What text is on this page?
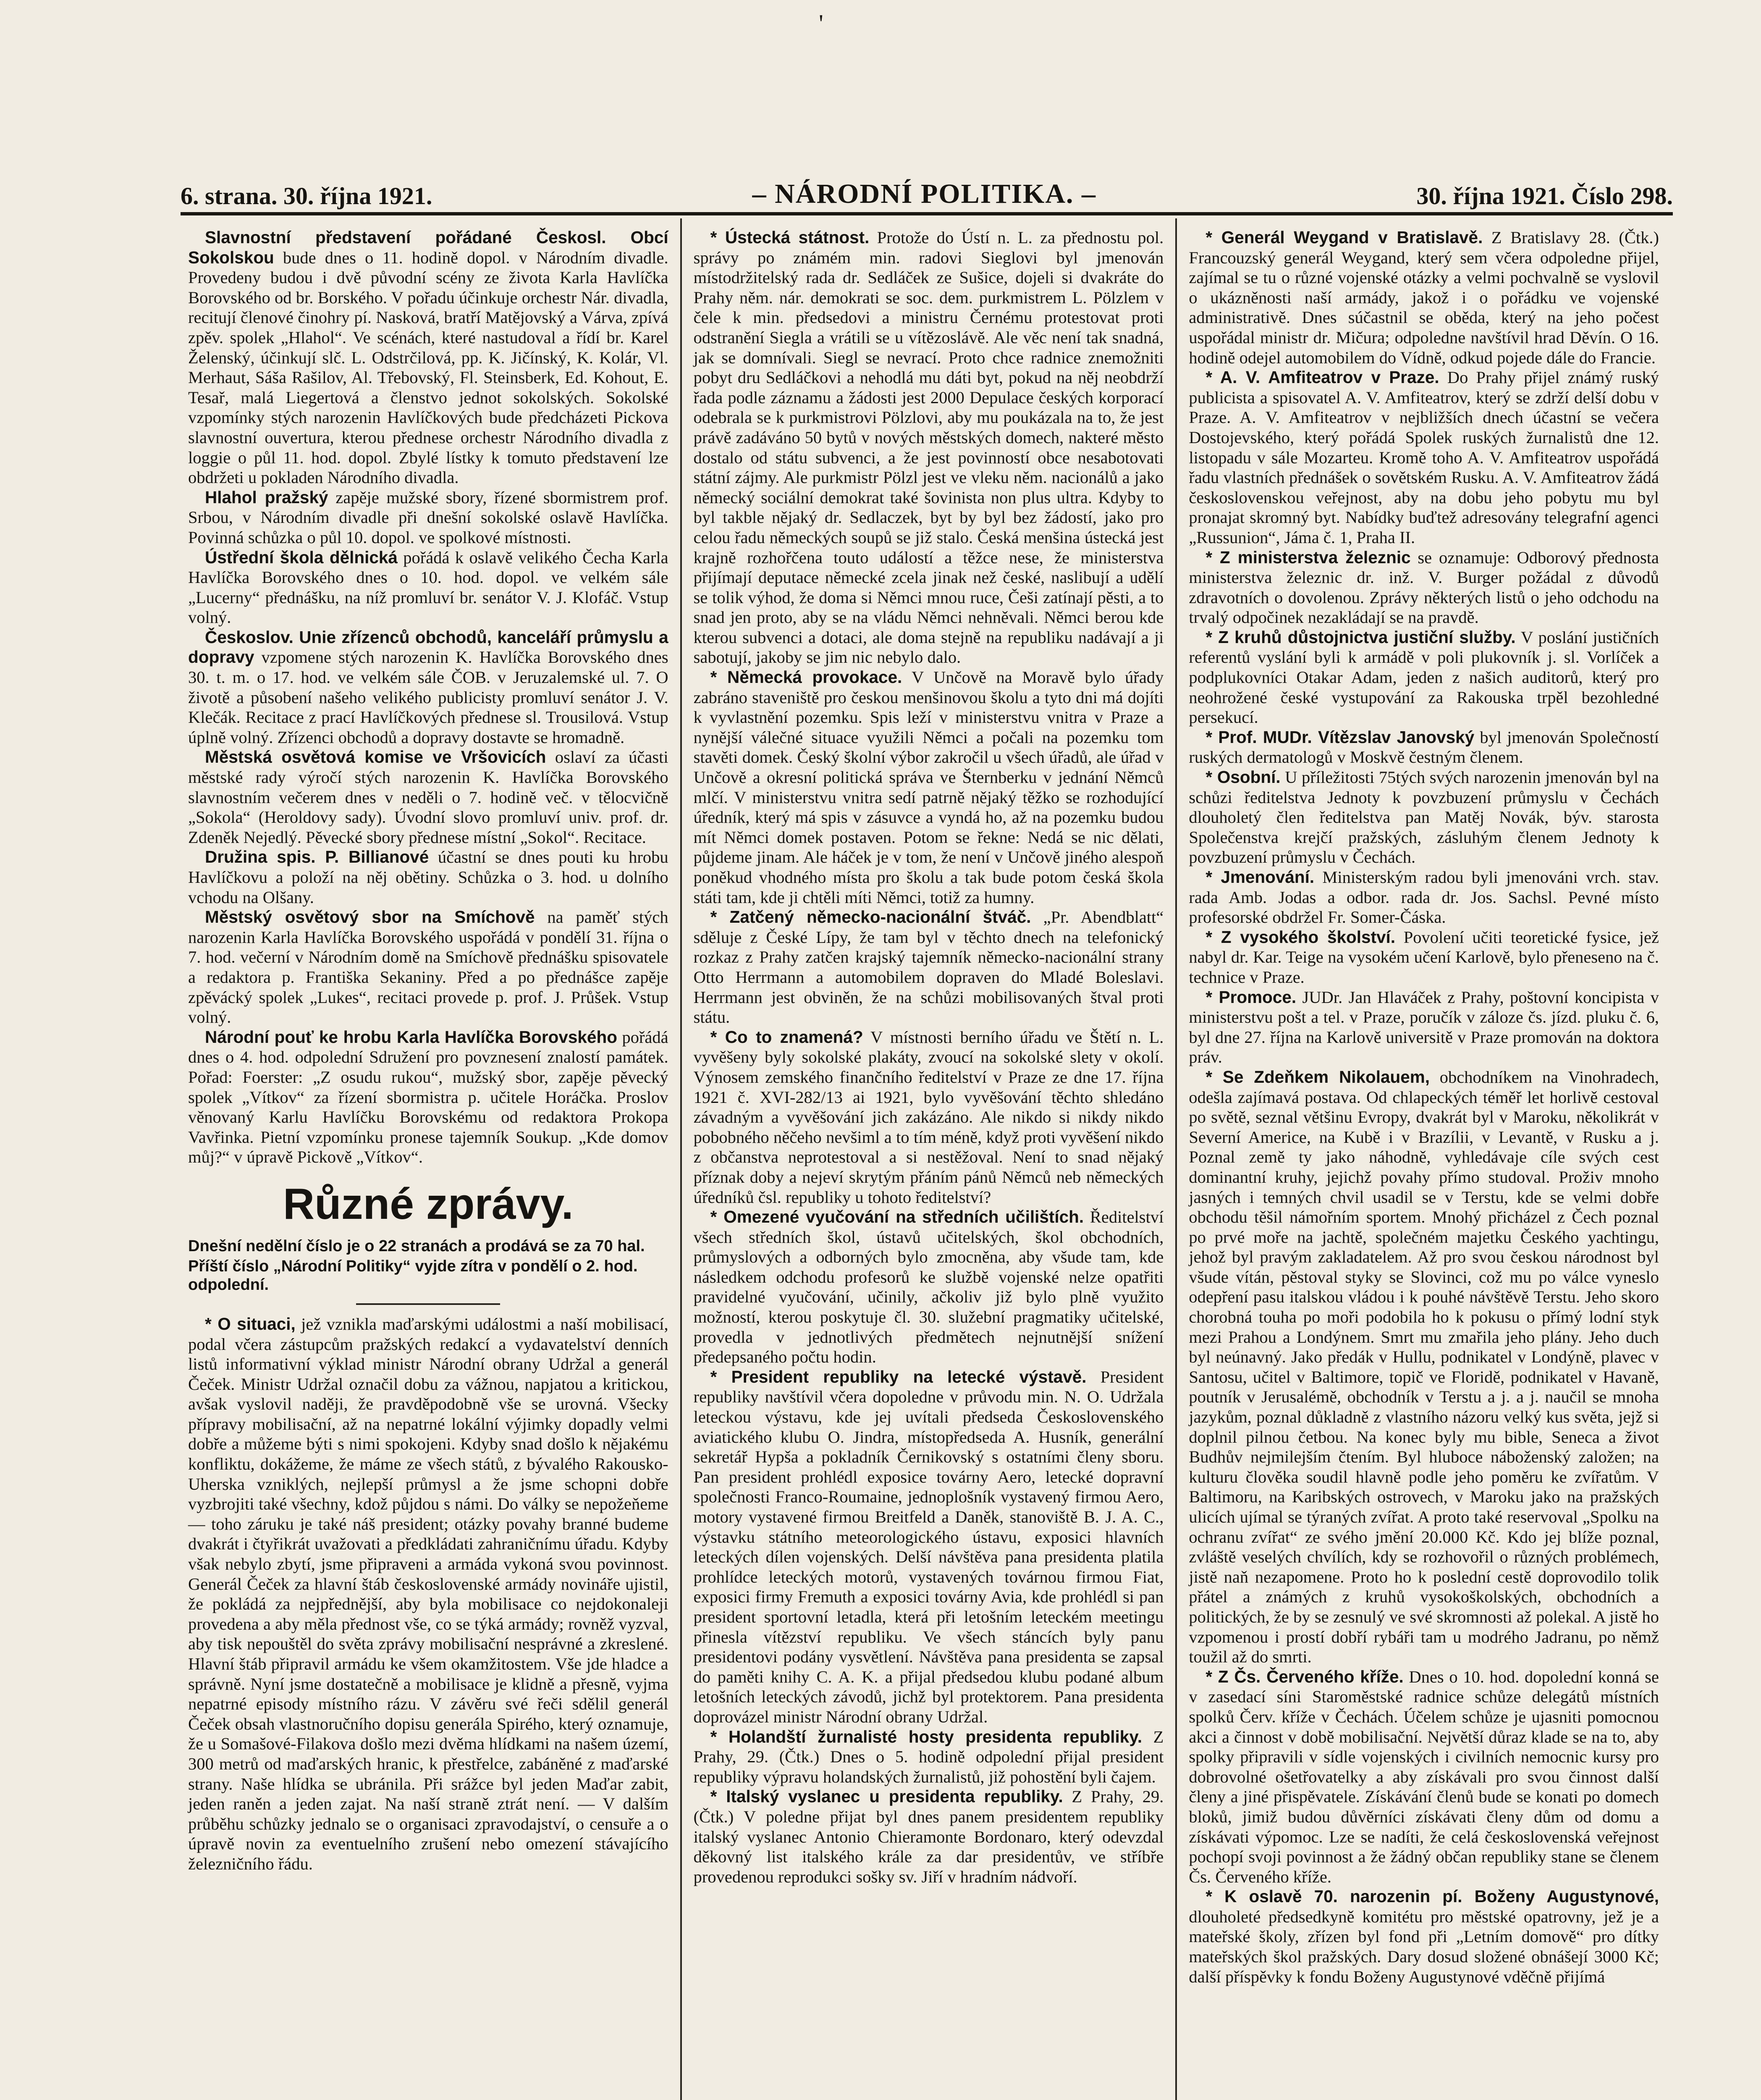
'
6. strana. 30. října 1921.	– NÁRODNÍ POLITIKA. –	30. října 1921. Číslo 298.

Slavnostní představení pořádané Českosl. Obcí Sokolskou bude dnes o 11. hodině dopol. v Národním divadle. Provedeny budou i dvě původní scény ze života Karla Havlíčka Borovského od br. Borského. V pořadu účinkuje orchestr Nár. divadla, recitují členové činohry pí. Nasková, bratří Matějovský a Várva, zpívá zpěv. spolek „Hlahol“. Ve scénách, které nastudoval a řídí br. Karel Želenský, účinkují slč. L. Odstrčilová, pp. K. Jičínský, K. Kolár, Vl. Merhaut, Sáša Rašilov, Al. Třebovský, Fl. Steinsberk, Ed. Kohout, E. Tesař, malá Liegertová a členstvo jednot sokolských. Sokolské vzpomínky stých narozenin Havlíčkových bude předcházeti Pickova slavnostní ouvertura, kterou přednese orchestr Národního divadla z loggie o půl 11. hod. dopol. Zbylé lístky k tomuto představení lze obdržeti u pokladen Národního divadla.

Hlahol pražský zapěje mužské sbory, řízené sbormistrem prof. Srbou, v Národním divadle při dnešní sokolské oslavě Havlíčka. Povinná schůzka o půl 10. dopol. ve spolkové místnosti.

Ústřední škola dělnická pořádá k oslavě velikého Čecha Karla Havlíčka Borovského dnes o 10. hod. dopol. ve velkém sále „Lucerny“ přednášku, na níž promluví br. senátor V. J. Klofáč. Vstup volný.

Českoslov. Unie zřízenců obchodů, kanceláří průmyslu a dopravy vzpomene stých narozenin K. Havlíčka Borovského dnes 30. t. m. o 17. hod. ve velkém sále ČOB. v Jeruzalemské ul. 7. O životě a působení našeho velikého publicisty promluví senátor J. V. Klečák. Recitace z prací Havlíčkových přednese sl. Trousilová. Vstup úplně volný. Zřízenci obchodů a dopravy dostavte se hromadně.

Městská osvětová komise ve Vršovicích oslaví za účasti městské rady výročí stých narozenin K. Havlíčka Borovského slavnostním večerem dnes v neděli o 7. hodině več. v tělocvičně „Sokola“ (Heroldovy sady). Úvodní slovo promluví univ. prof. dr. Zdeněk Nejedlý. Pěvecké sbory přednese místní „Sokol“. Recitace.

Družina spis. P. Billianové účastní se dnes pouti ku hrobu Havlíčkovu a položí na něj obětiny. Schůzka o 3. hod. u dolního vchodu na Olšany.

Městský osvětový sbor na Smíchově na paměť stých narozenin Karla Havlíčka Borovského uspořádá v pondělí 31. října o 7. hod. večerní v Národním domě na Smíchově přednášku spisovatele a redaktora p. Františka Sekaniny. Před a po přednášce zapěje zpěvácký spolek „Lukes“, recitaci provede p. prof. J. Průšek. Vstup volný.

Národní pouť ke hrobu Karla Havlíčka Borovského pořádá dnes o 4. hod. odpolední Sdružení pro povznesení znalostí památek. Pořad: Foerster: „Z osudu rukou“, mužský sbor, zapěje pěvecký spolek „Vítkov“ za řízení sbormistra p. učitele Horáčka. Proslov věnovaný Karlu Havlíčku Borovskému od redaktora Prokopa Vavřinka. Pietní vzpomínku pronese tajemník Soukup. „Kde domov můj?“ v úpravě Pickově „Vítkov“.

Různé zprávy.
Dnešní nedělní číslo je o 22 stranách a prodává se za 70 hal.
Příští číslo „Národní Politiky“ vyjde zítra v pondělí o 2. hod. odpolední.

* O situaci, jež vznikla maďarskými událostmi a naší mobilisací, podal včera zástupcům pražských redakcí a vydavatelství denních listů informativní výklad ministr Národní obrany Udržal a generál Čeček. Ministr Udržal označil dobu za vážnou, napjatou a kritickou, avšak vyslovil naději, že pravděpodobně vše se urovná. Všecky přípravy mobilisační, až na nepatrné lokální výjimky dopadly velmi dobře a můžeme býti s nimi spokojeni. Kdyby snad došlo k nějakému konfliktu, dokážeme, že máme ze všech států, z bývalého Rakousko-Uherska vzniklých, nejlepší průmysl a že jsme schopni dobře vyzbrojiti také všechny, kdož půjdou s námi. Do války se nepožeňeme — toho záruku je také náš president; otázky povahy branné budeme dvakrát i čtyřikrát uvažovati a předkládati zahraničnímu úřadu. Kdyby však nebylo zbytí, jsme připraveni a armáda vykoná svou povinnost. Generál Čeček za hlavní štáb československé armády novináře ujistil, že pokládá za nejpřednější, aby byla mobilisace co nejdokonaleji provedena a aby měla přednost vše, co se týká armády; rovněž vyzval, aby tisk nepouštěl do světa zprávy mobilisační nesprávné a zkreslené. Hlavní štáb připravil armádu ke všem okamžitostem. Vše jde hladce a správně. Nyní jsme dostatečně a mobilisace je klidně a přesně, vyjma nepatrné episody místního rázu. V závěru své řeči sdělil generál Čeček obsah vlastnoručního dopisu generála Spirého, který oznamuje, že u Somašové-Filakova došlo mezi dvěma hlídkami na našem území, 300 metrů od maďarských hranic, k přestřelce, zabáněné z maďarské strany. Naše hlídka se ubránila. Při srážce byl jeden Maďar zabit, jeden raněn a jeden zajat. Na naší straně ztrát není. — V dalším průběhu schůzky jednalo se o organisaci zpravodajství, o censuře a o úpravě novin za eventuelního zrušení nebo omezení stávajícího železničního řádu.

* Ústecká státnost. Protože do Ústí n. L. za přednostu pol. správy po známém min. radovi Sieglovi byl jmenován místodržitelský rada dr. Sedláček ze Sušice, dojeli si dvakráte do Prahy něm. nár. demokrati se soc. dem. purkmistrem L. Pölzlem v čele k min. předsedovi a ministru Černému protestovat proti odstranění Siegla a vrátili se u vítězoslávě. Ale věc není tak snadná, jak se domnívali. Siegl se nevrací. Proto chce radnice znemožniti pobyt dru Sedláčkovi a nehodlá mu dáti byt, pokud na něj neobdrží řada podle záznamu a žádosti jest 2000 Depulace českých korporací odebrala se k purkmistrovi Pölzlovi, aby mu poukázala na to, že jest právě zadáváno 50 bytů v nových městských domech, nakteré město dostalo od státu subvenci, a že jest povinností obce nesabotovati státní zájmy. Ale purkmistr Pölzl jest ve vleku něm. nacionálů a jako německý sociální demokrat také šovinista non plus ultra. Kdyby to byl takble nějaký dr. Sedlaczek, byt by byl bez žádostí, jako pro celou řadu německých soupů se již stalo. Česká menšina ústecká jest krajně rozhořčena touto událostí a těžce nese, že ministerstva přijímají deputace německé zcela jinak než české, naslibují a udělí se tolik výhod, že doma si Němci mnou ruce, Češi zatínají pěsti, a to snad jen proto, aby se na vládu Němci nehněvali. Němci berou kde kterou subvenci a dotaci, ale doma stejně na republiku nadávají a ji sabotují, jakoby se jim nic nebylo dalo.

* Německá provokace. V Unčově na Moravě bylo úřady zabráno staveniště pro českou menšinovou školu a tyto dni má dojíti k vyvlastnění pozemku. Spis leží v ministerstvu vnitra v Praze a nynější válečné situace využili Němci a počali na pozemku tom stavěti domek. Český školní výbor zakročil u všech úřadů, ale úřad v Unčově a okresní politická správa ve Šternberku v jednání Němců mlčí. V ministerstvu vnitra sedí patrně nějaký těžko se rozhodující úředník, který má spis v zásuvce a vyndá ho, až na pozemku budou mít Němci domek postaven. Potom se řekne: Nedá se nic dělati, půjdeme jinam. Ale háček je v tom, že není v Unčově jiného alespoň poněkud vhodného místa pro školu a tak bude potom česká škola státi tam, kde ji chtěli míti Němci, totiž za humny.

* Zatčený německo-nacionální štváč. „Pr. Abendblatt“ sděluje z České Lípy, že tam byl v těchto dnech na telefonický rozkaz z Prahy zatčen krajský tajemník německo-nacionální strany Otto Herrmann a automobilem dopraven do Mladé Boleslavi. Herrmann jest obviněn, že na schůzi mobilisovaných štval proti státu.

* Co to znamená? V místnosti berního úřadu ve Štětí n. L. vyvěšeny byly sokolské plakáty, zvoucí na sokolské slety v okolí. Výnosem zemského finančního ředitelství v Praze ze dne 17. října 1921 č. XVI-282/13 ai 1921, bylo vyvěšování těchto shledáno závadným a vyvěšování jich zakázáno. Ale nikdo si nikdy nikdo pobobného něčeho nevšiml a to tím méně, když proti vyvěšení nikdo z občanstva neprotestoval a si nestěžoval. Není to snad nějaký příznak doby a nejeví skrytým přáním pánů Němců neb německých úředníků čsl. republiky u tohoto ředitelství?

* Omezené vyučování na středních učilištích. Ředitelství všech středních škol, ústavů učitelských, škol obchodních, průmyslových a odborných bylo zmocněna, aby všude tam, kde následkem odchodu profesorů ke službě vojenské nelze opatřiti pravidelné vyučování, učinily, ačkoliv již bylo plně využito možností, kterou poskytuje čl. 30. služební pragmatiky učitelské, provedla v jednotlivých předmětech nejnutnější snížení předepsaného počtu hodin.

* President republiky na letecké výstavě. President republiky navštívil včera dopoledne v průvodu min. N. O. Udržala leteckou výstavu, kde jej uvítali předseda Československého aviatického klubu O. Jindra, místopředseda A. Husník, generální sekretář Hypša a pokladník Černikovský s ostatními členy sboru. Pan president prohlédl exposice továrny Aero, letecké dopravní společnosti Franco-Roumaine, jednoplošník vystavený firmou Aero, motory vystavené firmou Breitfeld a Daněk, stanoviště B. J. A. C., výstavku státního meteorologického ústavu, exposici hlavních leteckých dílen vojenských. Delší návštěva pana presidenta platila prohlídce leteckých motorů, vystavených továrnou firmou Fiat, exposici firmy Fremuth a exposici továrny Avia, kde prohlédl si pan president sportovní letadla, která při letošním leteckém meetingu přinesla vítězství republiku. Ve všech stáncích byly panu presidentovi podány vysvětlení. Návštěva pana presidenta se zapsal do paměti knihy C. A. K. a přijal předsedou klubu podané album letošních leteckých závodů, jichž byl protektorem. Pana presidenta doprovázel ministr Národní obrany Udržal.

* Holandští žurnalisté hosty presidenta republiky. Z Prahy, 29. (Čtk.) Dnes o 5. hodině odpolední přijal president republiky výpravu holandských žurnalistů, již pohostění byli čajem.

* Italský vyslanec u presidenta republiky. Z Prahy, 29. (Čtk.) V poledne přijat byl dnes panem presidentem republiky italský vyslanec Antonio Chieramonte Bordonaro, který odevzdal děkovný list italského krále za dar presidentův, ve stříbře provedenou reprodukci sošky sv. Jiří v hradním nádvoří.

* Generál Weygand v Bratislavě. Z Bratislavy 28. (Čtk.) Francouzský generál Weygand, který sem včera odpoledne přijel, zajímal se tu o různé vojenské otázky a velmi pochvalně se vyslovil o ukázněnosti naší armády, jakož i o pořádku ve vojenské administrativě. Dnes súčastnil se oběda, který na jeho počest uspořádal ministr dr. Mičura; odpoledne navštívil hrad Děvín. O 16. hodině odejel automobilem do Vídně, odkud pojede dále do Francie.

* A. V. Amfiteatrov v Praze. Do Prahy přijel známý ruský publicista a spisovatel A. V. Amfiteatrov, který se zdrží delší dobu v Praze. A. V. Amfiteatrov v nejbližších dnech účastní se večera Dostojevského, který pořádá Spolek ruských žurnalistů dne 12. listopadu v sále Mozarteu. Kromě toho A. V. Amfiteatrov uspořádá řadu vlastních přednášek o sovětském Rusku. A. V. Amfiteatrov žádá československou veřejnost, aby na dobu jeho pobytu mu byl pronajat skromný byt. Nabídky buďtež adresovány telegrafní agenci „Russunion“, Jáma č. 1, Praha II.

* Z ministerstva železnic se oznamuje: Odborový přednosta ministerstva železnic dr. inž. V. Burger požádal z důvodů zdravotních o dovolenou. Zprávy některých listů o jeho odchodu na trvalý odpočinek nezakládají se na pravdě.

* Z kruhů důstojnictva justiční služby. V poslání justičních referentů vyslání byli k armádě v poli plukovník j. sl. Vorlíček a podplukovníci Otakar Adam, jeden z našich auditorů, který pro neohrožené české vystupování za Rakouska trpěl bezohledné persekucí.

* Prof. MUDr. Vítězslav Janovský byl jmenován Společností ruských dermatologů v Moskvě čestným členem.

* Osobní. U příležitosti 75tých svých narozenin jmenován byl na schůzi ředitelstva Jednoty k povzbuzení průmyslu v Čechách dlouholetý člen ředitelstva pan Matěj Novák, býv. starosta Společenstva krejčí pražských, zásluhým členem Jednoty k povzbuzení průmyslu v Čechách.

* Jmenování. Ministerským radou byli jmenováni vrch. stav. rada Amb. Jodas a odbor. rada dr. Jos. Sachsl. Pevné místo profesorské obdržel Fr. Somer-Čáska.

* Z vysokého školství. Povolení učiti teoretické fysice, jež nabyl dr. Kar. Teige na vysokém učení Karlově, bylo přeneseno na č. technice v Praze.

* Promoce. JUDr. Jan Hlaváček z Prahy, poštovní koncipista v ministerstvu pošt a tel. v Praze, poručík v záloze čs. jízd. pluku č. 6, byl dne 27. října na Karlově universitě v Praze promován na doktora práv.

* Se Zdeňkem Nikolauem, obchodníkem na Vinohradech, odešla zajímavá postava. Od chlapeckých téměř let horlivě cestoval po světě, seznal většinu Evropy, dvakrát byl v Maroku, několikrát v Severní Americe, na Kubě i v Brazílii, v Levantě, v Rusku a j. Poznal země ty jako náhodně, vyhledávaje cíle svých cest dominantní kruhy, jejichž povahy přímo studoval. Proživ mnoho jasných i temných chvil usadil se v Terstu, kde se velmi dobře obchodu těšil námořním sportem. Mnohý přicházel z Čech poznal po prvé moře na jachtě, společném majetku Českého yachtingu, jehož byl pravým zakladatelem. Až pro svou českou národnost byl všude vítán, pěstoval styky se Slovinci, což mu po válce vyneslo odepření pasu italskou vládou i k pouhé návštěvě Terstu. Jeho skoro chorobná touha po moři podobila ho k pokusu o přímý lodní styk mezi Prahou a Londýnem. Smrt mu zmařila jeho plány. Jeho duch byl neúnavný. Jako předák v Hullu, podnikatel v Londýně, plavec v Santosu, učitel v Baltimore, topič ve Floridě, podnikatel v Havaně, poutník v Jerusalémě, obchodník v Terstu a j. a j. naučil se mnoha jazykům, poznal důkladně z vlastního názoru velký kus světa, jejž si doplnil pilnou četbou. Na konec byly mu bible, Seneca a život Budhův nejmilejším čtením. Byl hluboce náboženský založen; na kulturu člověka soudil hlavně podle jeho poměru ke zvířatům. V Baltimoru, na Karibských ostrovech, v Maroku jako na pražských ulicích ujímal se týraných zvířat. A proto také reservoval „Spolku na ochranu zvířat“ ze svého jmění 20.000 Kč. Kdo jej blíže poznal, zvláště veselých chvílích, kdy se rozhovořil o různých problémech, jistě naň nezapomene. Proto ho k poslední cestě doprovodilo tolik přátel a známých z kruhů vysokoškolských, obchodních a politických, že by se zesnulý ve své skromnosti až polekal. A jistě ho vzpomenou i prostí dobří rybáři tam u modrého Jadranu, po němž toužil až do smrti.

* Z Čs. Červeného kříže. Dnes o 10. hod. dopolední konná se v zasedací síni Staroměstské radnice schůze delegátů místních spolků Červ. kříže v Čechách. Účelem schůze je ujasniti pomocnou akci a činnost v době mobilisační. Největší důraz klade se na to, aby spolky připravili v sídle vojenských i civilních nemocnic kursy pro dobrovolné ošetřovatelky a aby získávali pro svou činnost další členy a jiné přispěvatele. Získávání členů bude se konati po domech bloků, jimiž budou důvěrníci získávati členy dům od domu a získávati výpomoc. Lze se nadíti, že celá československá veřejnost pochopí svoji povinnost a že žádný občan republiky stane se členem Čs. Červeného kříže.

* K oslavě 70. narozenin pí. Boženy Augustynové, dlouholeté předsedkyně komitétu pro městské opatrovny, jež je a mateřské školy, zřízen byl fond při „Letním domově“ pro dítky mateřských škol pražských. Dary dosud složené obnášejí 3000 Kč; další příspěvky k fondu Boženy Augustynové vděčně přijímá
